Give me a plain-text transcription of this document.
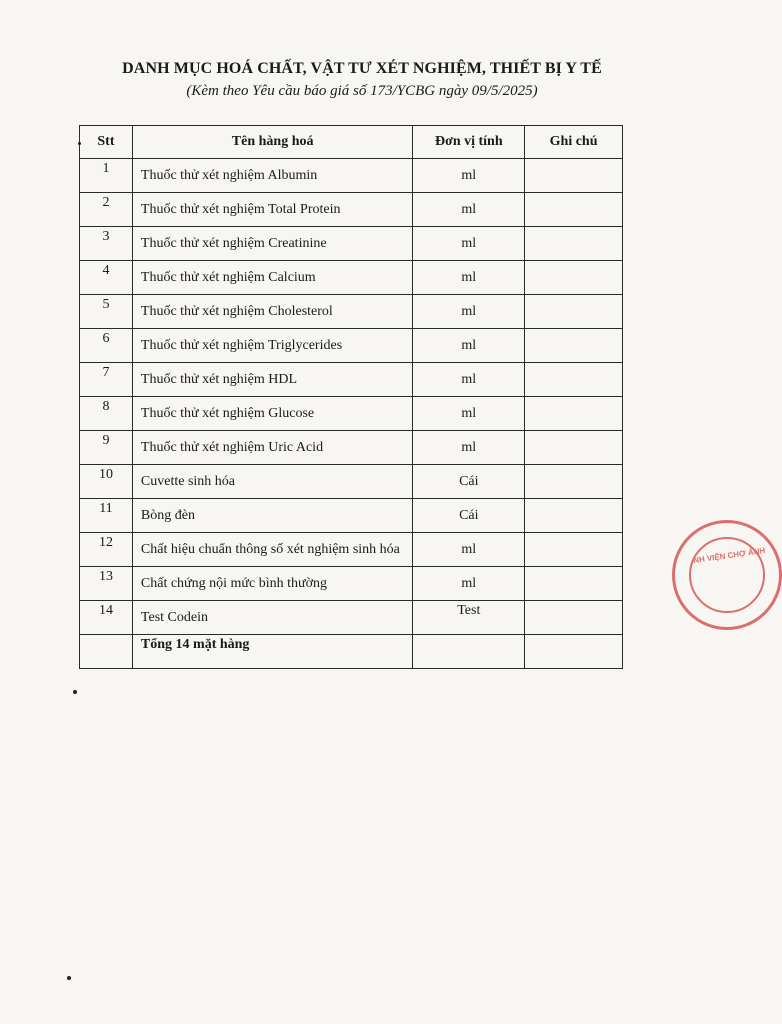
DANH MỤC HOÁ CHẤT, VẬT TƯ XÉT NGHIỆM, THIẾT BỊ Y TẾ
(Kèm theo Yêu cầu báo giá số 173/YCBG ngày 09/5/2025)
Stt	Tên hàng hoá	Đơn vị tính	Ghi chú
1	Thuốc thử xét nghiệm Albumin	ml	
2	Thuốc thử xét nghiệm Total Protein	ml	
3	Thuốc thử xét nghiệm Creatinine	ml	
4	Thuốc thử xét nghiệm Calcium	ml	
5	Thuốc thử xét nghiệm Cholesterol	ml	
6	Thuốc thử xét nghiệm Triglycerides	ml	
7	Thuốc thử xét nghiệm HDL	ml	
8	Thuốc thử xét nghiệm Glucose	ml	
9	Thuốc thử xét nghiệm Uric Acid	ml	
10	Cuvette sinh hóa	Cái	
11	Bòng đèn	Cái	
12	Chất hiệu chuẩn thông số xét nghiệm sinh hóa	ml	
13	Chất chứng nội mức bình thường	ml	
14	Test Codein	Test	
	Tổng 14 mặt hàng		
NH VIỆN CHỢ ẢNH
